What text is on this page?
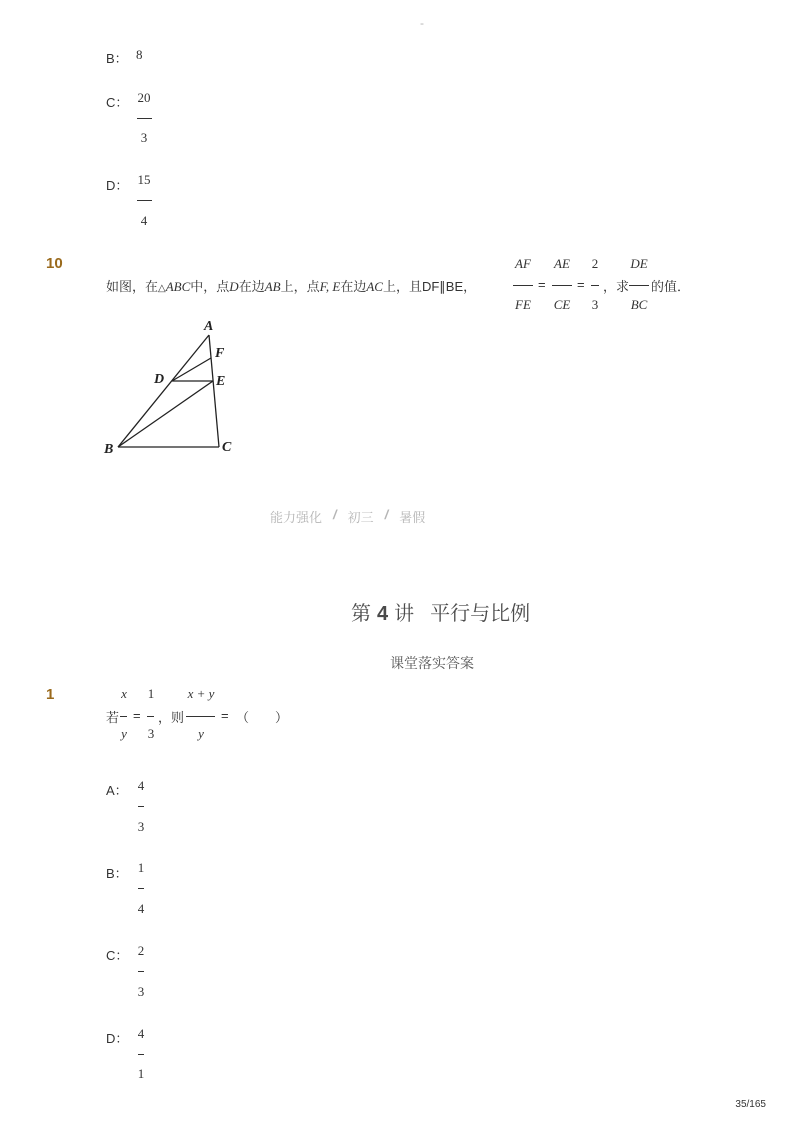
-
B： 8
C： 20
3
D： 15
4
10
如图，在 △ ABC 中，点 D 在边 AB 上，点 F, E 在边 AC 上，且DF∥BE，
AF
FE
=
AE
CE
=
2
3
，求
DE
BC
的值．
A
F
D	E
B	C
能力强化 / 初三 / 暑假
第 4 讲 平行与比例
课堂落实答案
1
若
x
y
=
1
3
，则
x + y
y
= （　　）
A： 4
3
B： 1
4
C： 2
3
D： 4
1
35/165
